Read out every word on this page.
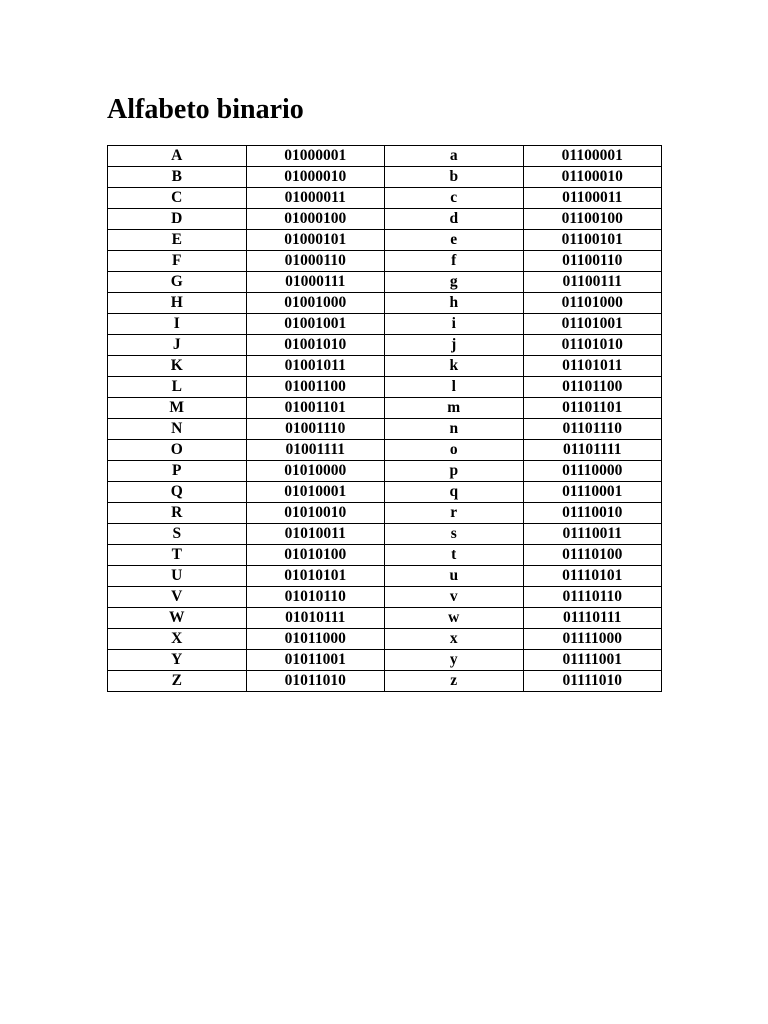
Alfabeto binario
A	01000001	a	01100001
B	01000010	b	01100010
C	01000011	c	01100011
D	01000100	d	01100100
E	01000101	e	01100101
F	01000110	f	01100110
G	01000111	g	01100111
H	01001000	h	01101000
I	01001001	i	01101001
J	01001010	j	01101010
K	01001011	k	01101011
L	01001100	l	01101100
M	01001101	m	01101101
N	01001110	n	01101110
O	01001111	o	01101111
P	01010000	p	01110000
Q	01010001	q	01110001
R	01010010	r	01110010
S	01010011	s	01110011
T	01010100	t	01110100
U	01010101	u	01110101
V	01010110	v	01110110
W	01010111	w	01110111
X	01011000	x	01111000
Y	01011001	y	01111001
Z	01011010	z	01111010
